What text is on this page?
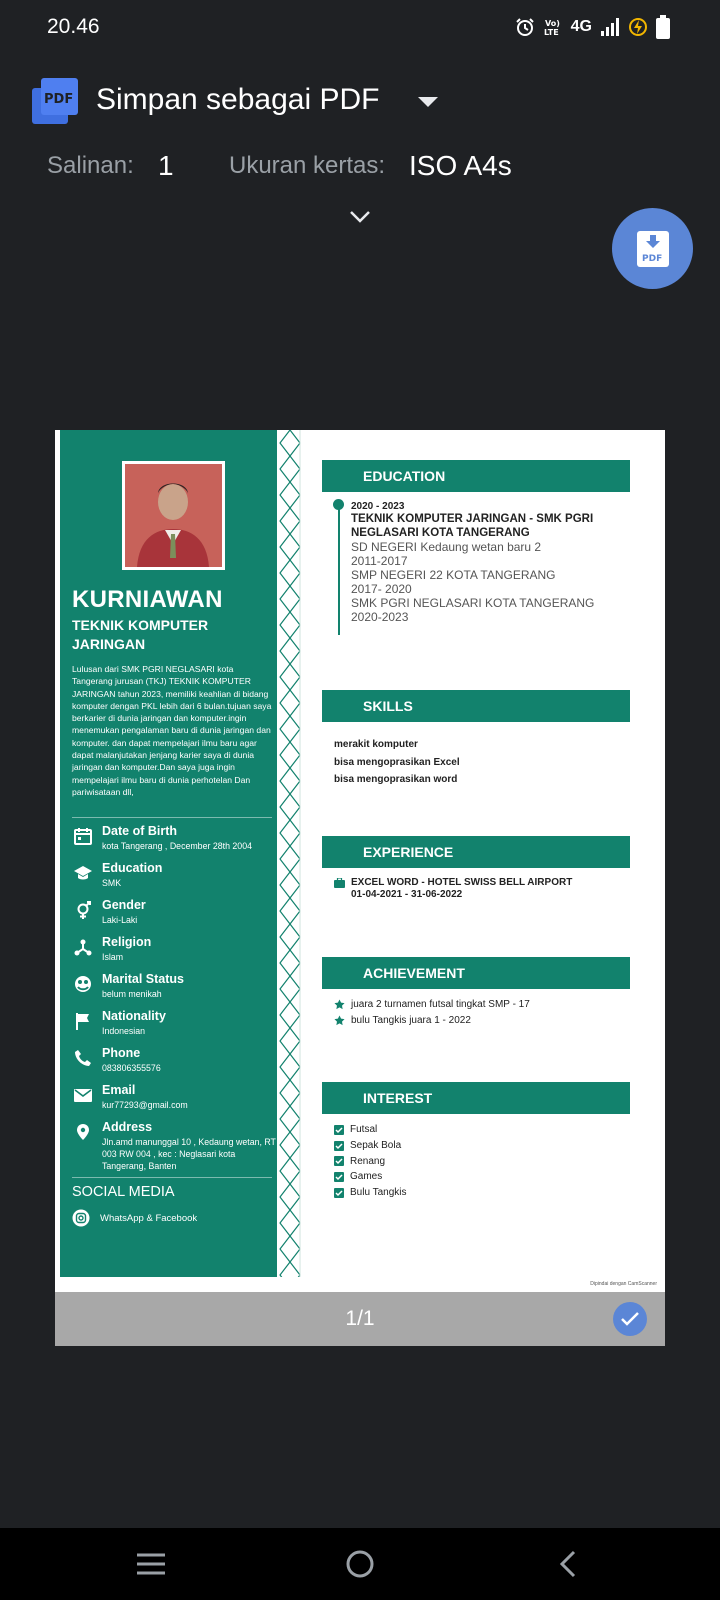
20.46	Vo)
LTE 4G
PDF Simpan sebagai PDF
Salinan: 1 Ukuran kertas: ISO A4s
PDF
KURNIAWAN
TEKNIK KOMPUTER JARINGAN
Lulusan dari SMK PGRI NEGLASARI kota Tangerang jurusan (TKJ) TEKNIK KOMPUTER JARINGAN tahun 2023, memiliki keahlian di bidang komputer dengan PKL lebih dari 6 bulan.tujuan saya berkarier di dunia jaringan dan komputer.ingin menemukan pengalaman baru di dunia jaringan dan komputer. dan dapat mempelajari ilmu baru agar dapat malanjutakan jenjang karier saya di dunia jaringan dan komputer.Dan saya juga ingin mempelajari ilmu baru di dunia perhotelan Dan pariwisataan dll,
Date of Birth
kota Tangerang , December 28th 2004
Education
SMK
Gender
Laki-Laki
Religion
Islam
Marital Status
belum menikah
Nationality
Indonesian
Phone
083806355576
Email
kur77293@gmail.com
Address
Jln.amd manunggal 10 , Kedaung wetan, RT 003 RW 004 , kec : Neglasari kota Tangerang, Banten
SOCIAL MEDIA
WhatsApp & Facebook
EDUCATION
2020 - 2023
TEKNIK KOMPUTER JARINGAN - SMK PGRI NEGLASARI KOTA TANGERANG
SD NEGERI Kedaung wetan baru 2
2011-2017
SMP NEGERI 22 KOTA TANGERANG
2017- 2020
SMK PGRI NEGLASARI KOTA TANGERANG
2020-2023
SKILLS
merakit komputer
bisa mengoprasikan Excel
bisa mengoprasikan word
EXPERIENCE
EXCEL WORD - HOTEL SWISS BELL AIRPORT
01-04-2021 - 31-06-2022
ACHIEVEMENT
juara 2 turnamen futsal tingkat SMP - 17
bulu Tangkis juara 1 - 2022
INTEREST
Futsal
Sepak Bola
Renang
Games
Bulu Tangkis
Dipindai dengan CamScanner
1/1
